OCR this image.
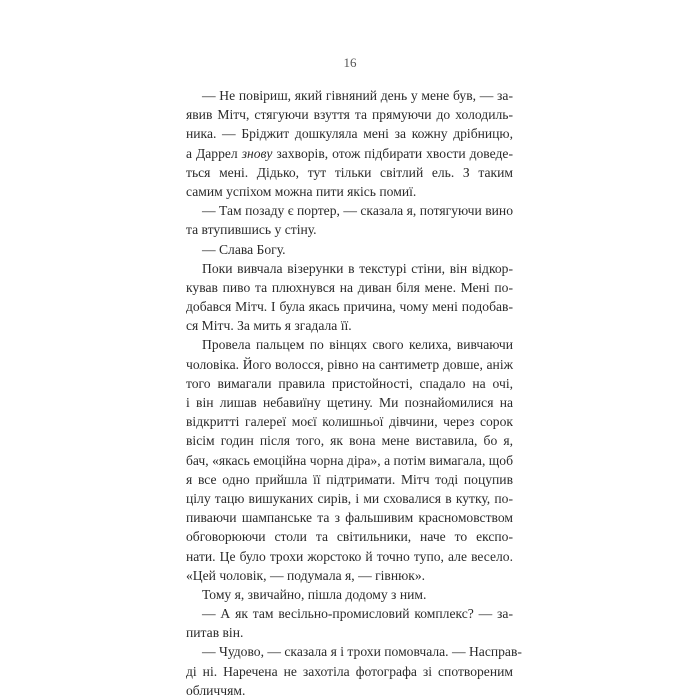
16
— Не повіриш, який гівняний день у мене був, — за-
явив Мітч, стягуючи взуття та прямуючи до холодиль-
ника. — Бріджит дошкуляла мені за кожну дрібницю,
а Даррел знову захворів, отож підбирати хвости доведе-
ться мені. Дідько, тут тільки світлий ель. З таким
самим успіхом можна пити якісь помиї.
— Там позаду є портер, — сказала я, потягуючи вино
та втупившись у стіну.
— Слава Богу.
Поки вивчала візерунки в текстурі стіни, він відкор-
кував пиво та плюхнувся на диван біля мене. Мені по-
добався Мітч. І була якась причина, чому мені подобав-
ся Мітч. За мить я згадала її.
Провела пальцем по вінцях свого келиха, вивчаючи
чоловіка. Його волосся, рівно на сантиметр довше, аніж
того вимагали правила пристойності, спадало на очі,
і він лишав небавиїну щетину. Ми познайомилися на
відкритті галереї моєї колишньої дівчини, через сорок
вісім годин після того, як вона мене виставила, бо я,
бач, «якась емоційна чорна діра», а потім вимагала, щоб
я все одно прийшла її підтримати. Мітч тоді поцупив
цілу тацю вишуканих сирів, і ми сховалися в кутку, по-
пиваючи шампанське та з фальшивим красномовством
обговорюючи столи та світильники, наче то експо-
нати. Це було трохи жорстоко й точно тупо, але весело.
«Цей чоловік, — подумала я, — гівнюк».
Тому я, звичайно, пішла додому з ним.
— А як там весільно-промисловий комплекс? — за-
питав він.
— Чудово, — сказала я і трохи помовчала. — Насправ-
ді ні. Наречена не захотіла фотографа зі спотвореним
обличчям.
